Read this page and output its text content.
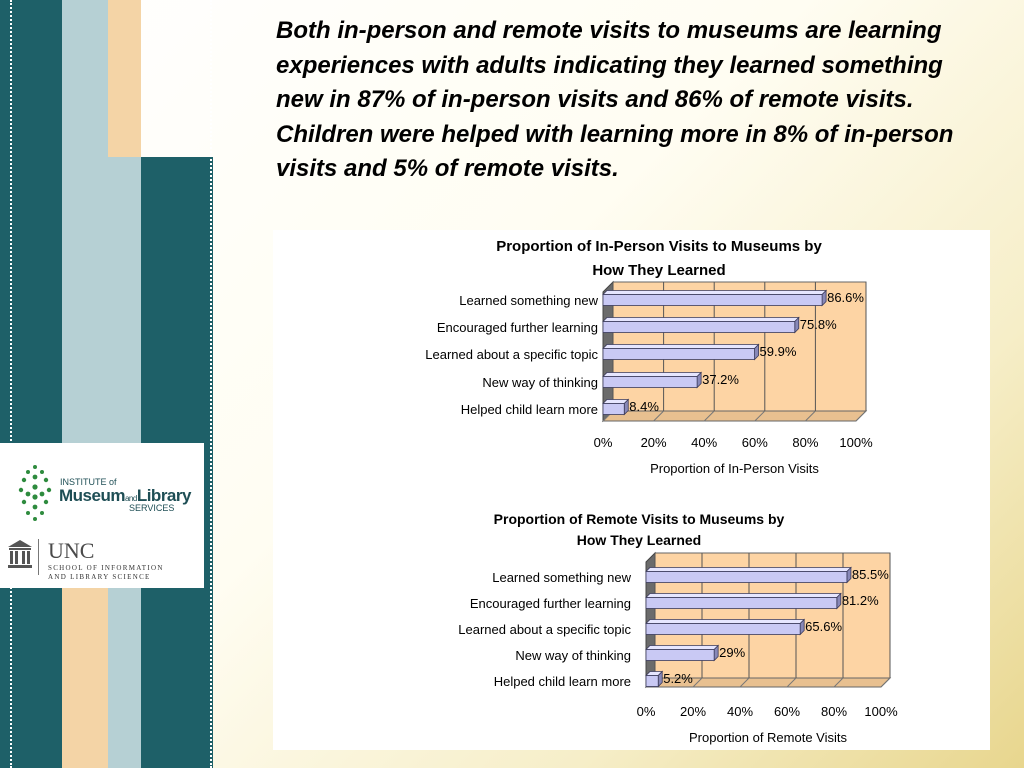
INSTITUTE of
MuseumandLibrary
SERVICES
UNC
SCHOOL OF INFORMATION
AND LIBRARY SCIENCE

Both in-person and remote visits to museums are learning experiences with adults indicating they learned something new in 87% of in-person visits and 86% of remote visits. Children were helped with learning more in 8% of in-person visits and 5% of remote visits.

Proportion of In-Person Visits to Museums by
How They Learned
86.6%
Learned something new
75.8%
Encouraged further learning
59.9%
Learned about a specific topic
37.2%
New way of thinking
8.4%
Helped child learn more
0% 20% 40% 60% 80% 100%
Proportion of In-Person Visits
Proportion of Remote Visits to Museums by
How They Learned
85.5%
Learned something new
81.2%
Encouraged further learning
65.6%
Learned about a specific topic
29%
New way of thinking
5.2%
Helped child learn more
0% 20% 40% 60% 80% 100%
Proportion of Remote Visits
